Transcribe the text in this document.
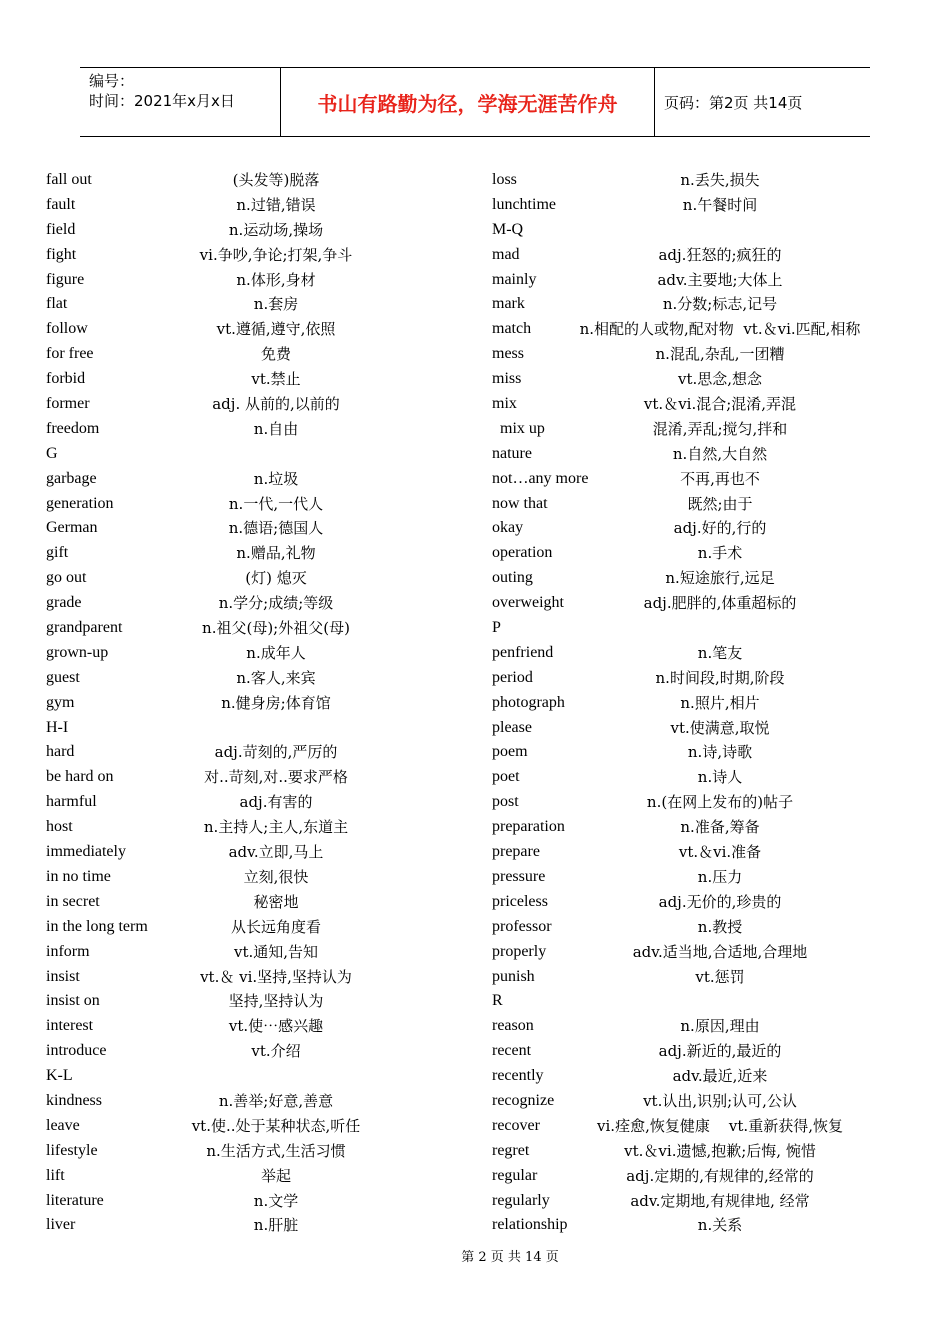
编号：
时间：2021年x月x日	书山有路勤为径，学海无涯苦作舟	页码：第2页 共14页
fall out	(头发等)脱落
fault	n.过错,错误
field	n.运动场,操场
fight	vi.争吵,争论;打架,争斗
figure	n.体形,身材
flat	n.套房
follow	vt.遵循,遵守,依照
for free	免费
forbid	vt.禁止
former	adj. 从前的,以前的
freedom	n.自由
G
garbage	n.垃圾
generation	n.一代,一代人
German	n.德语;德国人
gift	n.赠品,礼物
go out	(灯) 熄灭
grade	n.学分;成绩;等级
grandparent	n.祖父(母);外祖父(母)
grown-up	n.成年人
guest	n.客人,来宾
gym	n.健身房;体育馆
H-I
hard	adj.苛刻的,严厉的
be hard on	对..苛刻,对..要求严格
harmful	adj.有害的
host	n.主持人;主人,东道主
immediately	adv.立即,马上
in no time	立刻,很快
in secret	秘密地
in the long term	从长远角度看
inform	vt.通知,告知
insist	vt.＆ vi.坚持,坚持认为
insist on	坚持,坚持认为
interest	vt.使⋯感兴趣
introduce	vt.介绍
K-L
kindness	n.善举;好意,善意
leave	vt.使..处于某种状态,听任
lifestyle	n.生活方式,生活习惯
lift	举起
literature	n.文学
liver	n.肝脏
loss	n.丢失,损失
lunchtime	n.午餐时间
M-Q
mad	adj.狂怒的;疯狂的
mainly	adv.主要地;大体上
mark	n.分数;标志,记号
match	n.相配的人或物,配对物  vt.＆vi.匹配,相称
mess	n.混乱,杂乱,一团糟
miss	vt.思念,想念
mix	vt.＆vi.混合;混淆,弄混
mix up	混淆,弄乱;搅匀,拌和
nature	n.自然,大自然
not…any more	不再,再也不
now that	既然;由于
okay	adj.好的,行的
operation	n.手术
outing	n.短途旅行,远足
overweight	adj.肥胖的,体重超标的
P
penfriend	n.笔友
period	n.时间段,时期,阶段
photograph	n.照片,相片
please	vt.使满意,取悦
poem	n.诗,诗歌
poet	n.诗人
post	n.(在网上发布的)帖子
preparation	n.准备,筹备
prepare	vt.＆vi.准备
pressure	n.压力
priceless	adj.无价的,珍贵的
professor	n.教授
properly	adv.适当地,合适地,合理地
punish	vt.惩罚
R
reason	n.原因,理由
recent	adj.新近的,最近的
recently	adv.最近,近来
recognize	vt.认出,识别;认可,公认
recover	vi.痊愈,恢复健康    vt.重新获得,恢复
regret	vt.＆vi.遗憾,抱歉;后悔, 惋惜
regular	adj.定期的,有规律的,经常的
regularly	adv.定期地,有规律地, 经常
relationship	n.关系
第 2 页 共 14 页
